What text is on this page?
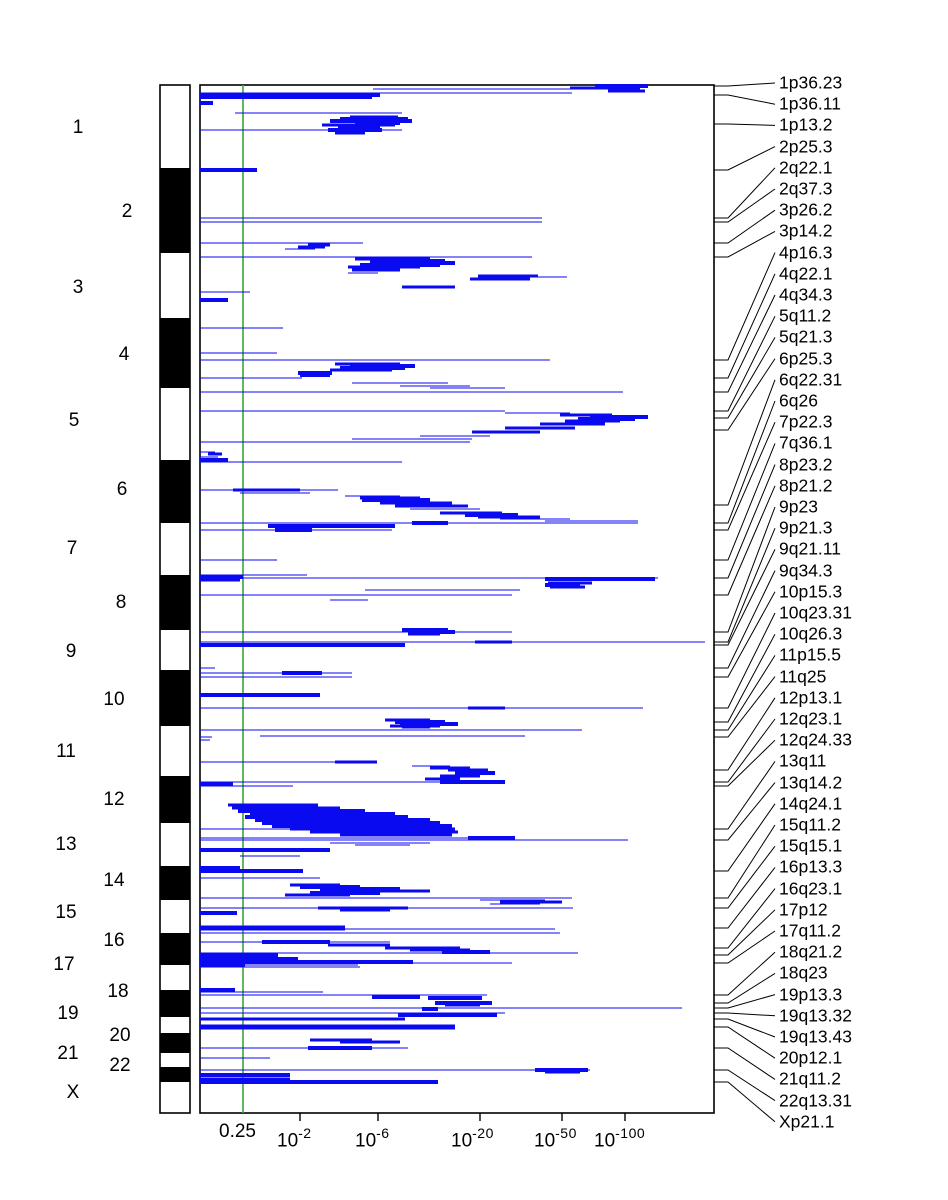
1
2
3
4
5
6
7
8
9
10
11
12
13
14
15
16
17
18
19
20
21
22
X
0.25 $10^{-2}$ $10^{-6}$	$10^{-20}$ $10^{-50}$ $10^{-100}$
1p36.23
1p36.11
1p13.2
2p25.3
2q22.1
2q37.3
3p26.2
3p14.2
4p16.3
4q22.1
4q34.3
5q11.2
5q21.3
6p25.3
6q22.31
6q26
7p22.3
7q36.1
8p23.2
8p21.2
9p23
9p21.3
9q21.11
9q34.3
10p15.3
10q23.31
10q26.3
11p15.5
11q25
12p13.1
12q23.1
12q24.33
13q11
13q14.2
14q24.1
15q11.2
15q15.1
16p13.3
16q23.1
17p12
17q11.2
18q21.2
18q23
19p13.3
19q13.32
19q13.43
20p12.1
21q11.2
22q13.31
Xp21.1
